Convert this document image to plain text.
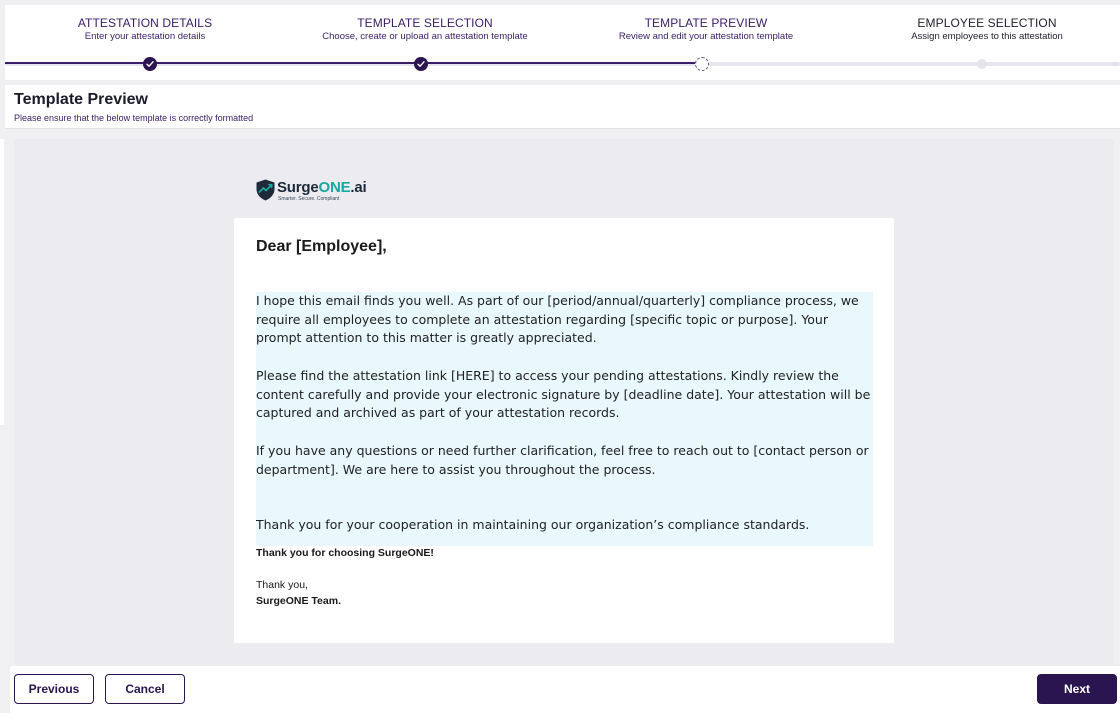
ATTESTATION DETAILS
Enter your attestation details
TEMPLATE SELECTION
Choose, create or upload an attestation template
TEMPLATE PREVIEW
Review and edit your attestation template
EMPLOYEE SELECTION
Assign employees to this attestation
Template Preview
Please ensure that the below template is correctly formatted
SurgeONE.ai
Smarter. Secure. Compliant
Dear [Employee],
I hope this email finds you well. As part of our [period/annual/quarterly] compliance process, we require all employees to complete an attestation regarding [specific topic or purpose]. Your prompt attention to this matter is greatly appreciated.
Please find the attestation link [HERE] to access your pending attestations. Kindly review the content carefully and provide your electronic signature by [deadline date]. Your attestation will be captured and archived as part of your attestation records.
If you have any questions or need further clarification, feel free to reach out to [contact person or department]. We are here to assist you throughout the process.
Thank you for your cooperation in maintaining our organization’s compliance standards.
Thank you for choosing SurgeONE!
Thank you,
SurgeONE Team.
Previous	Cancel	Next
